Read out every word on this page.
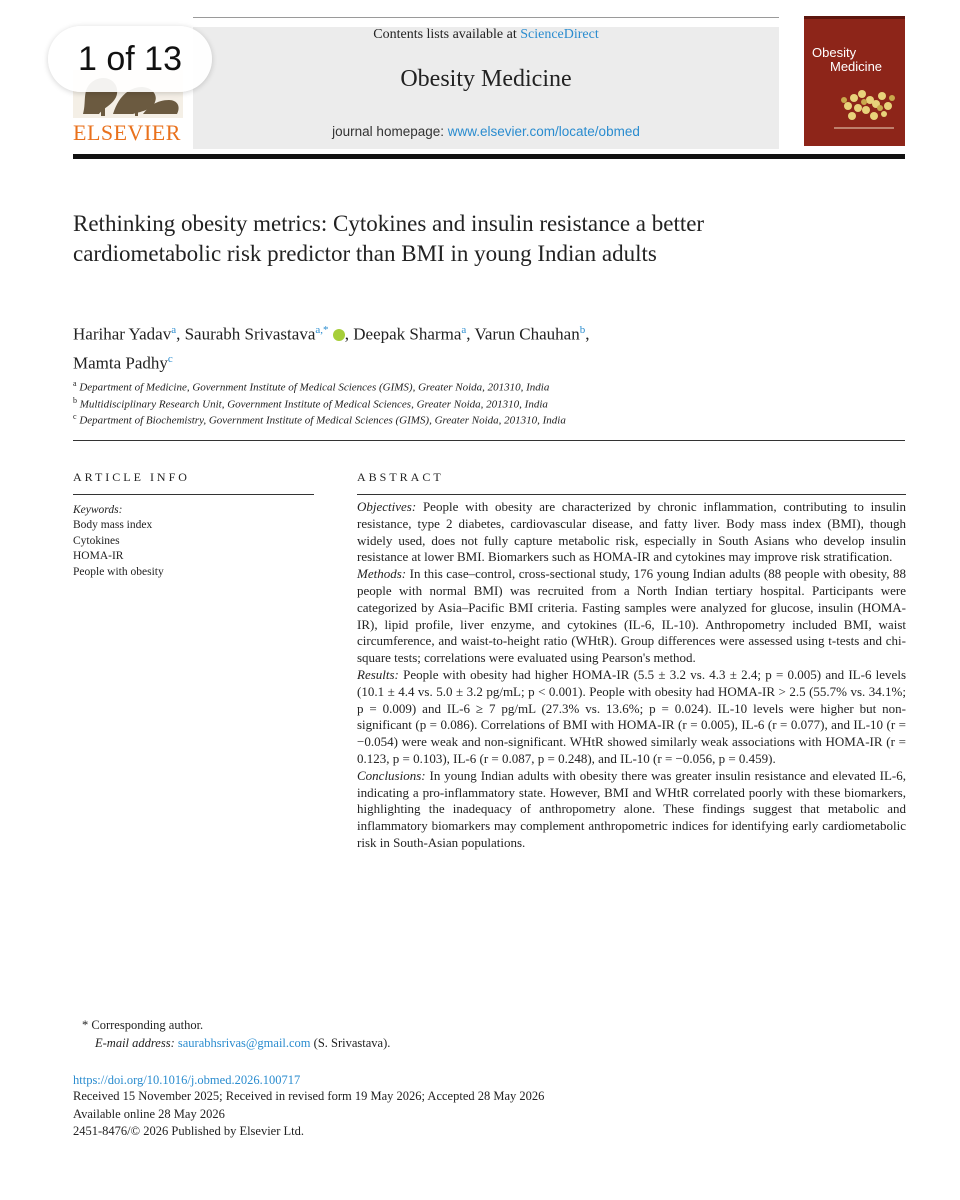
ELSEVIER
1 of 13
Contents lists available at ScienceDirect
Obesity Medicine
journal homepage: www.elsevier.com/locate/obmed
Obesity
Medicine
Rethinking obesity metrics: Cytokines and insulin resistance a better cardiometabolic risk predictor than BMI in young Indian adults
Harihar Yadav$^a$, Saurabh Srivastava$^{a,*}$ , Deepak Sharma$^a$, Varun Chauhan$^b$,
Mamta Padhy$^c$
$^a$ Department of Medicine, Government Institute of Medical Sciences (GIMS), Greater Noida, 201310, India
$^b$ Multidisciplinary Research Unit, Government Institute of Medical Sciences, Greater Noida, 201310, India
$^c$ Department of Biochemistry, Government Institute of Medical Sciences (GIMS), Greater Noida, 201310, India
ARTICLE INFO
Keywords:
Body mass index
Cytokines
HOMA-IR
People with obesity
ABSTRACT

Objectives: People with obesity are characterized by chronic inflammation, contributing to insulin resistance, type 2 diabetes, cardiovascular disease, and fatty liver. Body mass index (BMI), though widely used, does not fully capture metabolic risk, especially in South Asians who develop insulin resistance at lower BMI. Biomarkers such as HOMA-IR and cytokines may improve risk stratification.

Methods: In this case–control, cross-sectional study, 176 young Indian adults (88 people with obesity, 88 people with normal BMI) was recruited from a North Indian tertiary hospital. Participants were categorized by Asia–Pacific BMI criteria. Fasting samples were analyzed for glucose, insulin (HOMA-IR), lipid profile, liver enzyme, and cytokines (IL-6, IL-10). Anthropometry included BMI, waist circumference, and waist-to-height ratio (WHtR). Group differences were assessed using t-tests and chi-square tests; correlations were evaluated using Pearson's method.

Results: People with obesity had higher HOMA-IR (5.5 ± 3.2 vs. 4.3 ± 2.4; p = 0.005) and IL-6 levels (10.1 ± 4.4 vs. 5.0 ± 3.2 pg/mL; p < 0.001). People with obesity had HOMA-IR > 2.5 (55.7% vs. 34.1%; p = 0.009) and IL-6 ≥ 7 pg/mL (27.3% vs. 13.6%; p = 0.024). IL-10 levels were higher but non-significant (p = 0.086). Correlations of BMI with HOMA-IR (r = 0.005), IL-6 (r = 0.077), and IL-10 (r = −0.054) were weak and non-significant. WHtR showed similarly weak associations with HOMA-IR (r = 0.123, p = 0.103), IL-6 (r = 0.087, p = 0.248), and IL-10 (r = −0.056, p = 0.459).

Conclusions: In young Indian adults with obesity there was greater insulin resistance and elevated IL-6, indicating a pro-inflammatory state. However, BMI and WHtR correlated poorly with these biomarkers, highlighting the inadequacy of anthropometry alone. These findings suggest that metabolic and inflammatory biomarkers may complement anthropometric indices for identifying early cardiometabolic risk in South-Asian populations.

* Corresponding author.
E-mail address: saurabhsrivas@gmail.com (S. Srivastava).
https://doi.org/10.1016/j.obmed.2026.100717
Received 15 November 2025; Received in revised form 19 May 2026; Accepted 28 May 2026
Available online 28 May 2026
2451-8476/© 2026 Published by Elsevier Ltd.
